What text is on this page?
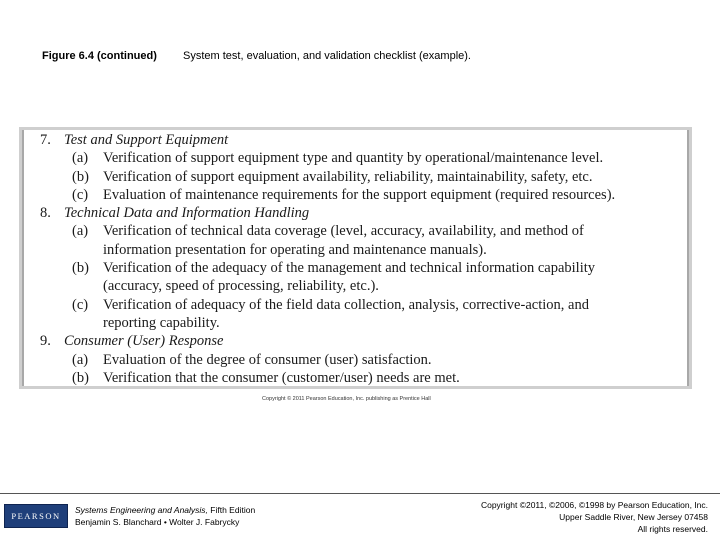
Figure 6.4 (continued) System test, evaluation, and validation checklist (example).
7. Test and Support Equipment
(a) Verification of support equipment type and quantity by operational/maintenance level.
(b) Verification of support equipment availability, reliability, maintainability, safety, etc.
(c) Evaluation of maintenance requirements for the support equipment (required resources).
8. Technical Data and Information Handling
(a) Verification of technical data coverage (level, accuracy, availability, and method of
information presentation for operating and maintenance manuals).
(b) Verification of the adequacy of the management and technical information capability
(accuracy, speed of processing, reliability, etc.).
(c) Verification of adequacy of the field data collection, analysis, corrective-action, and
reporting capability.
9. Consumer (User) Response
(a) Evaluation of the degree of consumer (user) satisfaction.
(b) Verification that the consumer (customer/user) needs are met.
Copyright © 2011 Pearson Education, Inc. publishing as Prentice Hall
PEARSON
Systems Engineering and Analysis, Fifth Edition
Benjamin S. Blanchard • Wolter J. Fabrycky
Copyright ©2011, ©2006, ©1998 by Pearson Education, Inc.
Upper Saddle River, New Jersey 07458
All rights reserved.
